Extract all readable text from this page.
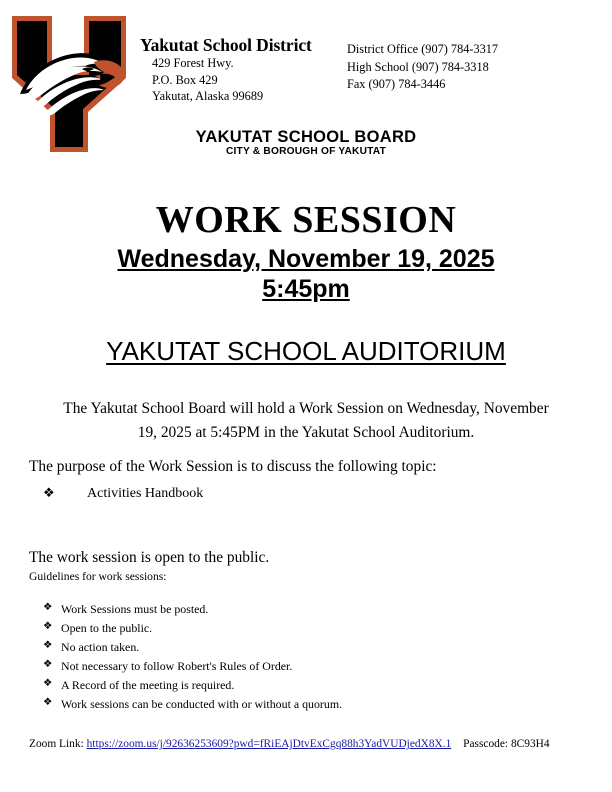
Yakutat School District
429 Forest Hwy.
P.O. Box 429
Yakutat, Alaska 99689
District Office (907) 784-3317
High School (907) 784-3318
Fax (907) 784-3446
YAKUTAT SCHOOL BOARD
CITY & BOROUGH OF YAKUTAT
WORK SESSION
Wednesday, November 19, 2025
5:45pm
YAKUTAT SCHOOL AUDITORIUM
The Yakutat School Board will hold a Work Session on Wednesday, November 19, 2025 at 5:45PM in the Yakutat School Auditorium.
The purpose of the Work Session is to discuss the following topic:
❖	Activities Handbook
The work session is open to the public.
Guidelines for work sessions:
❖ Work Sessions must be posted.
❖ Open to the public.
❖ No action taken.
❖ Not necessary to follow Robert's Rules of Order.
❖ A Record of the meeting is required.
❖ Work sessions can be conducted with or without a quorum.
Zoom Link: https://zoom.us/j/92636253609?pwd=fRiEAjDtvExCgq88h3YadVUDjedX8X.1 Passcode: 8C93H4
